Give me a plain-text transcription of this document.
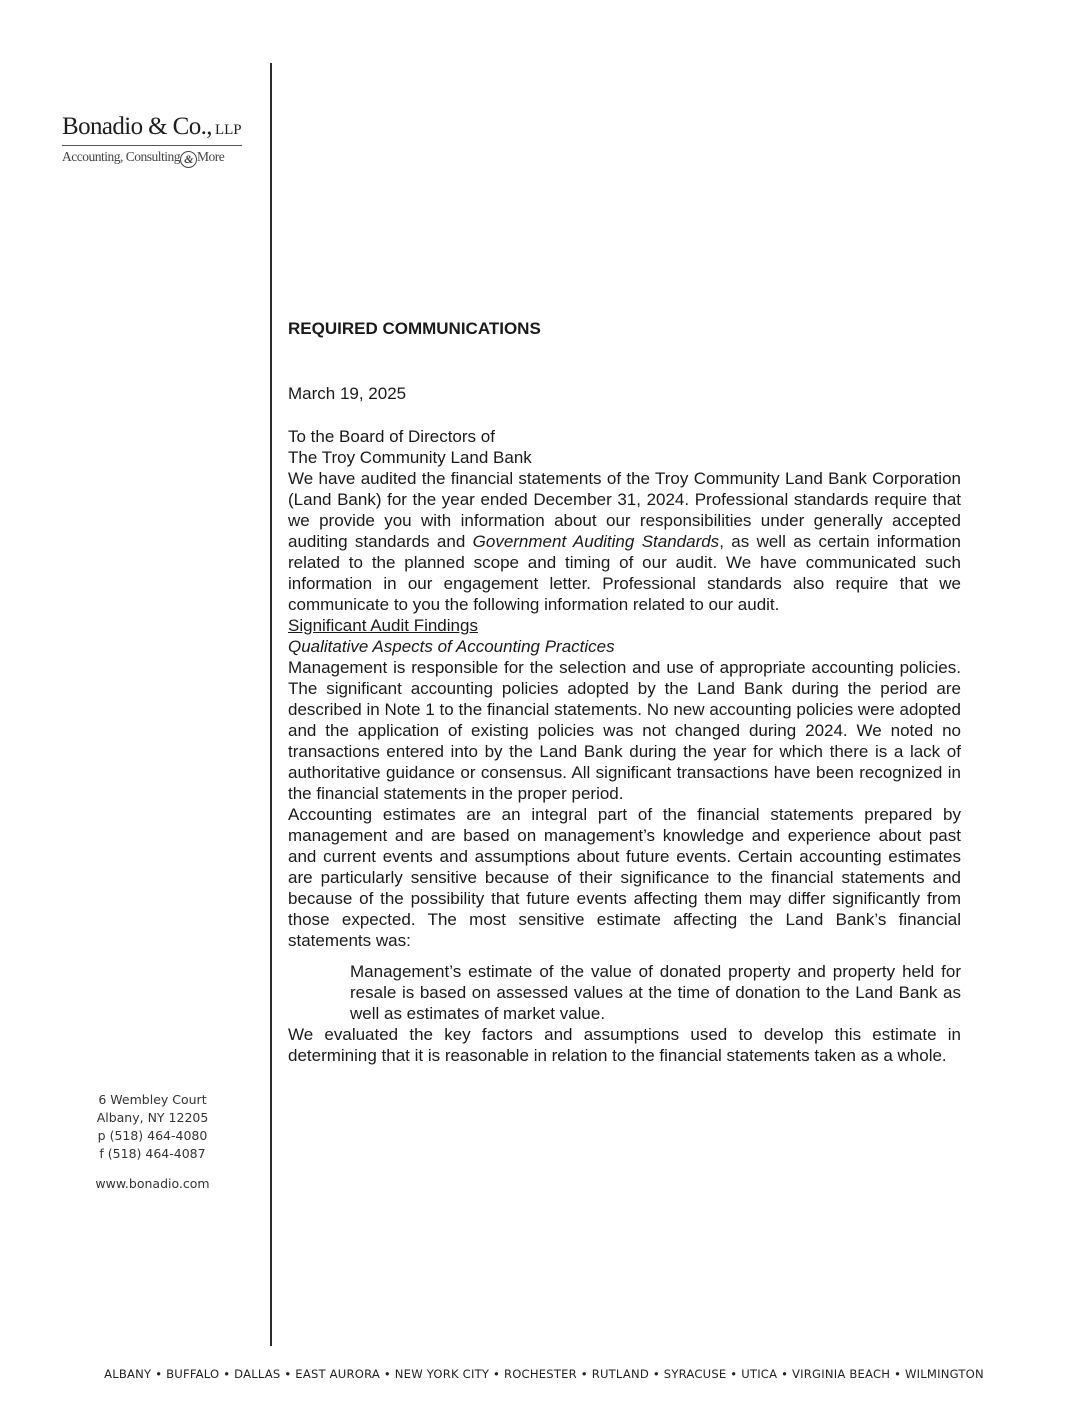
Bonadio & Co., LLP
Accounting, Consulting & More
6 Wembley Court
Albany, NY 12205
p (518) 464-4080
f (518) 464-4087
www.bonadio.com

REQUIRED COMMUNICATIONS

March 19, 2025

To the Board of Directors of
The Troy Community Land Bank

We have audited the financial statements of the Troy Community Land Bank Corporation (Land Bank) for the year ended December 31, 2024. Professional standards require that we provide you with information about our responsibilities under generally accepted auditing standards and Government Auditing Standards, as well as certain information related to the planned scope and timing of our audit. We have communicated such information in our engagement letter. Professional standards also require that we communicate to you the following information related to our audit.

Significant Audit Findings

Qualitative Aspects of Accounting Practices

Management is responsible for the selection and use of appropriate accounting policies. The significant accounting policies adopted by the Land Bank during the period are described in Note 1 to the financial statements. No new accounting policies were adopted and the application of existing policies was not changed during 2024. We noted no transactions entered into by the Land Bank during the year for which there is a lack of authoritative guidance or consensus. All significant transactions have been recognized in the financial statements in the proper period.

Accounting estimates are an integral part of the financial statements prepared by management and are based on management’s knowledge and experience about past and current events and assumptions about future events. Certain accounting estimates are particularly sensitive because of their significance to the financial statements and because of the possibility that future events affecting them may differ significantly from those expected. The most sensitive estimate affecting the Land Bank’s financial statements was:

Management’s estimate of the value of donated property and property held for resale is based on assessed values at the time of donation to the Land Bank as well as estimates of market value.

We evaluated the key factors and assumptions used to develop this estimate in determining that it is reasonable in relation to the financial statements taken as a whole.

ALBANY • BUFFALO • DALLAS • EAST AURORA • NEW YORK CITY • ROCHESTER • RUTLAND • SYRACUSE • UTICA • VIRGINIA BEACH • WILMINGTON
